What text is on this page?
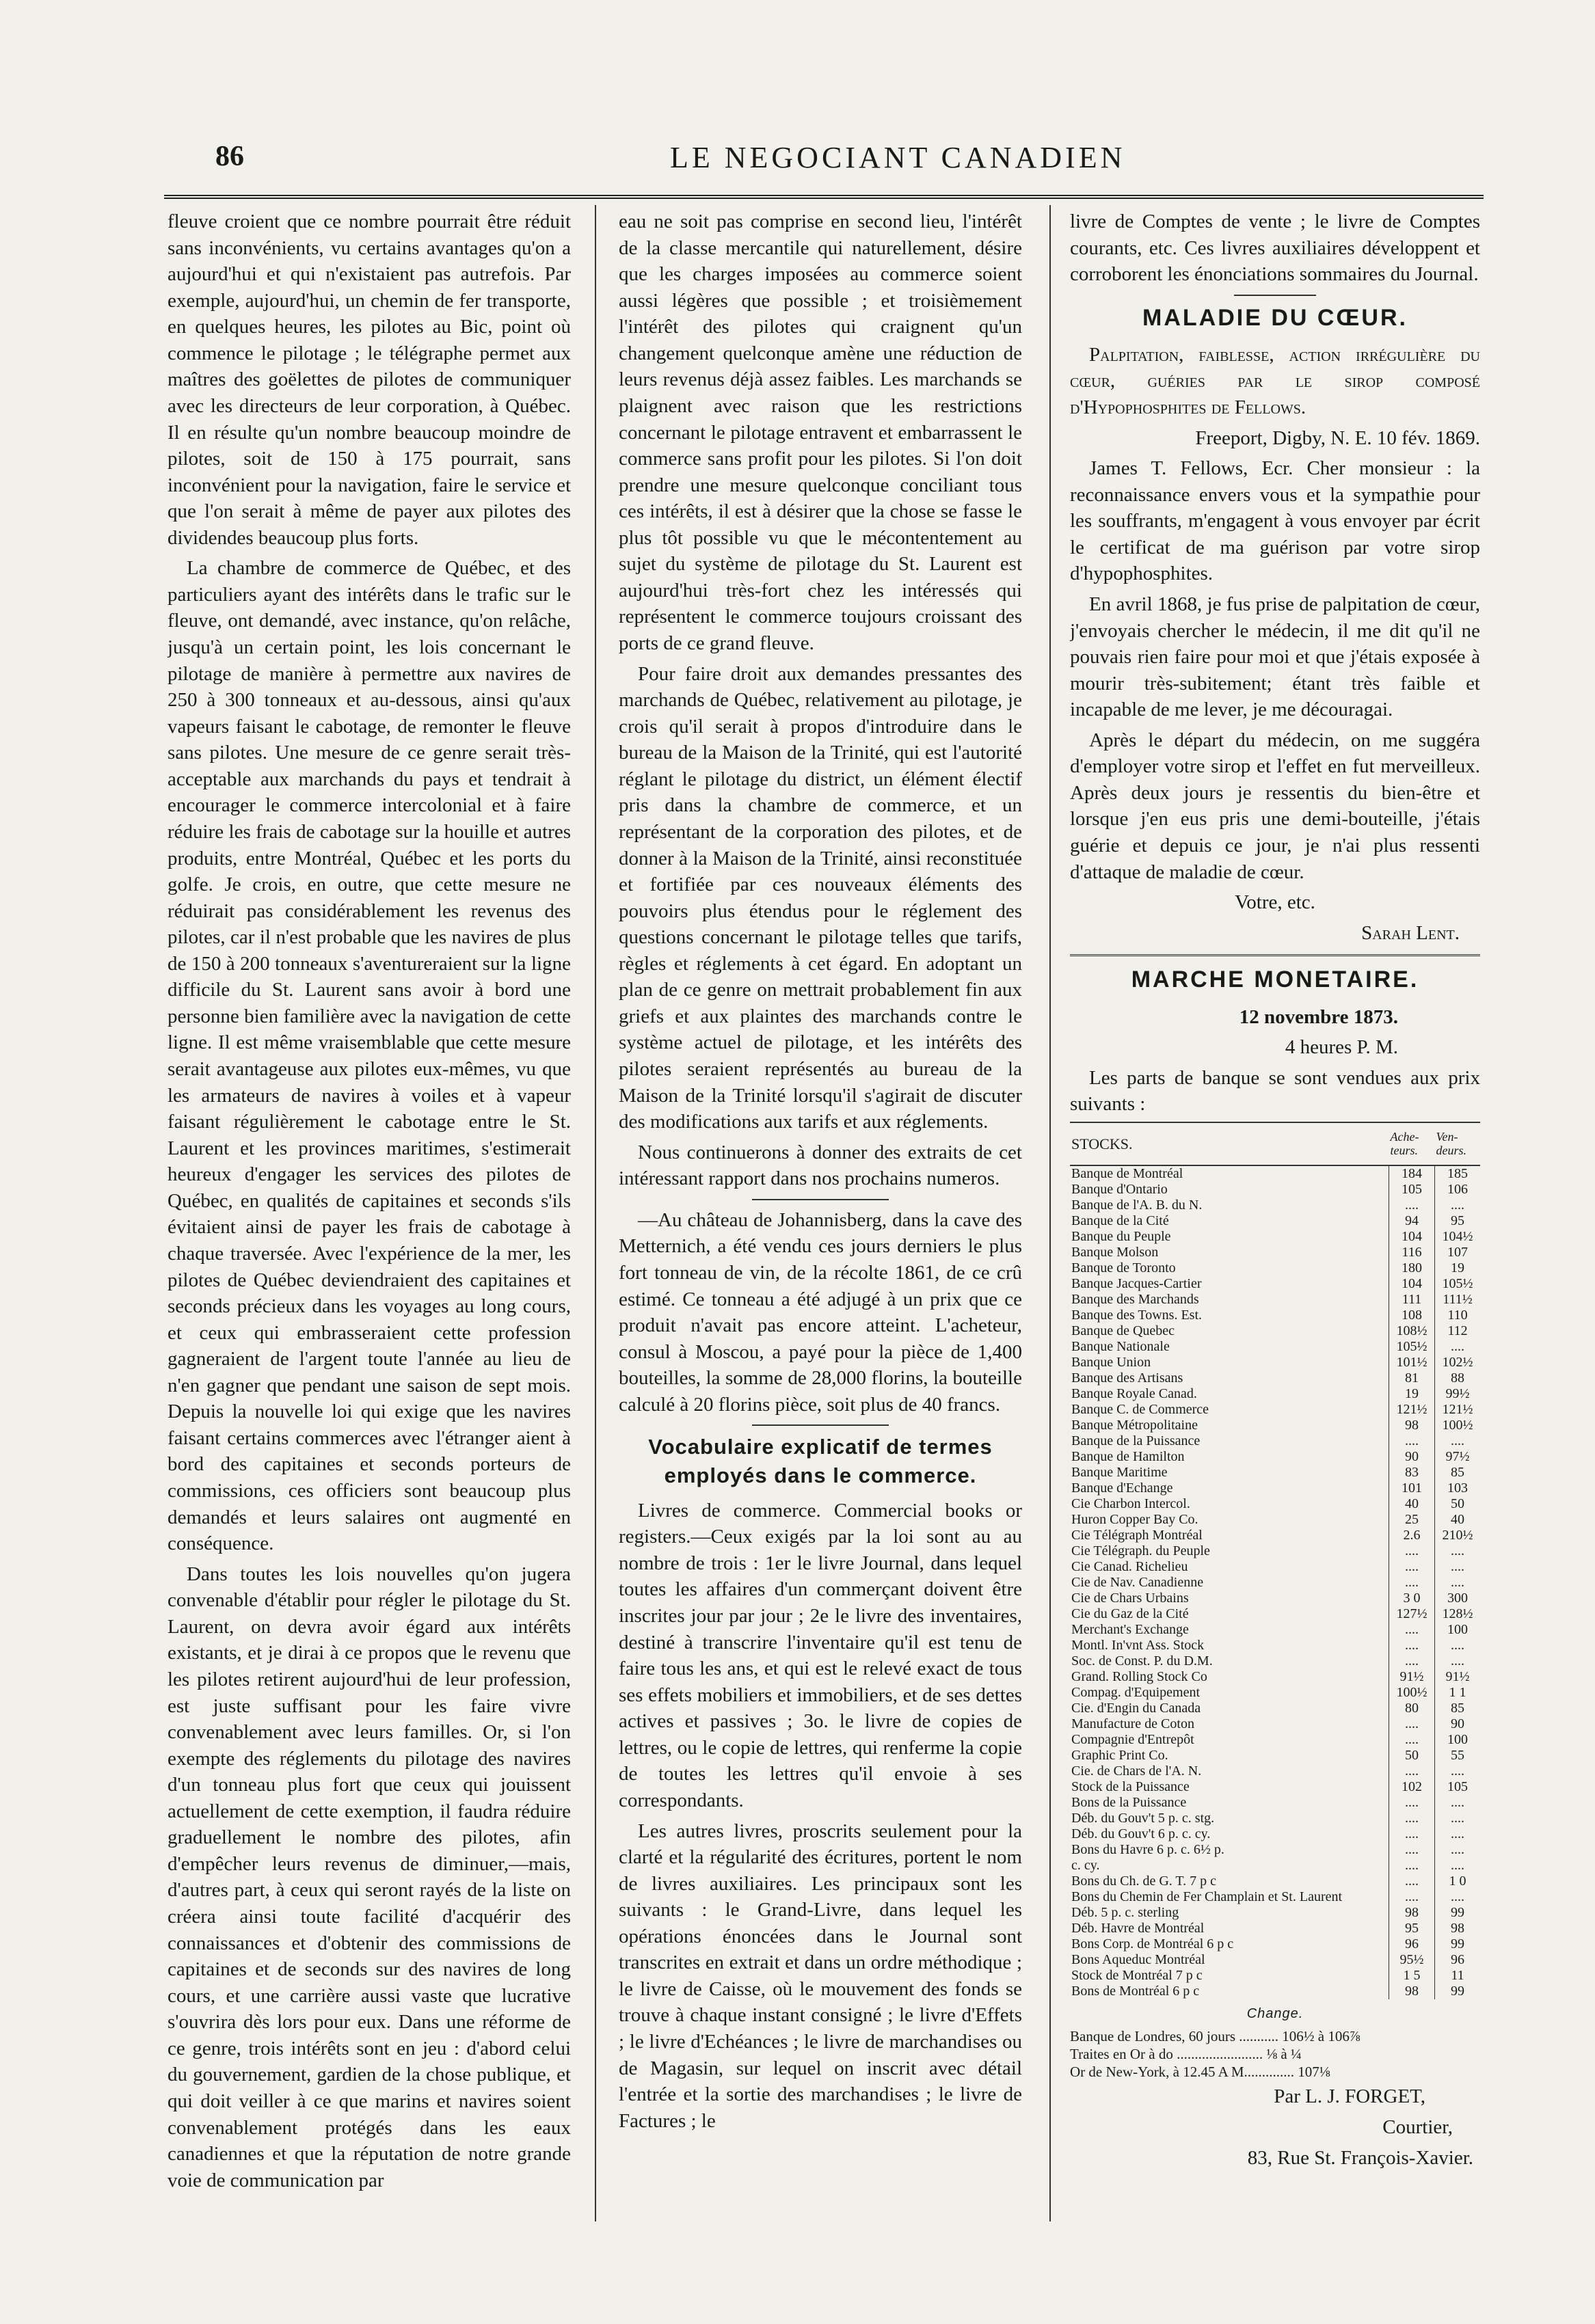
86	LE NEGOCIANT CANADIEN

fleuve croient que ce nombre pourrait être réduit sans inconvénients, vu certains avantages qu'on a aujourd'hui et qui n'existaient pas autrefois. Par exemple, aujourd'hui, un chemin de fer transporte, en quelques heures, les pilotes au Bic, point où commence le pilotage ; le télégraphe permet aux maîtres des goëlettes de pilotes de communiquer avec les directeurs de leur corporation, à Québec. Il en résulte qu'un nombre beaucoup moindre de pilotes, soit de 150 à 175 pourrait, sans inconvénient pour la navigation, faire le service et que l'on serait à même de payer aux pilotes des dividendes beaucoup plus forts.

La chambre de commerce de Québec, et des particuliers ayant des intérêts dans le trafic sur le fleuve, ont demandé, avec instance, qu'on relâche, jusqu'à un certain point, les lois concernant le pilotage de manière à permettre aux navires de 250 à 300 tonneaux et au-dessous, ainsi qu'aux vapeurs faisant le cabotage, de remonter le fleuve sans pilotes. Une mesure de ce genre serait très-acceptable aux marchands du pays et tendrait à encourager le commerce intercolonial et à faire réduire les frais de cabotage sur la houille et autres produits, entre Montréal, Québec et les ports du golfe. Je crois, en outre, que cette mesure ne réduirait pas considérablement les revenus des pilotes, car il n'est probable que les navires de plus de 150 à 200 tonneaux s'aventureraient sur la ligne difficile du St. Laurent sans avoir à bord une personne bien familière avec la navigation de cette ligne. Il est même vraisemblable que cette mesure serait avantageuse aux pilotes eux-mêmes, vu que les armateurs de navires à voiles et à vapeur faisant régulièrement le cabotage entre le St. Laurent et les provinces maritimes, s'estimerait heureux d'engager les services des pilotes de Québec, en qualités de capitaines et seconds s'ils évitaient ainsi de payer les frais de cabotage à chaque traversée. Avec l'expérience de la mer, les pilotes de Québec deviendraient des capitaines et seconds précieux dans les voyages au long cours, et ceux qui embrasseraient cette profession gagneraient de l'argent toute l'année au lieu de n'en gagner que pendant une saison de sept mois. Depuis la nouvelle loi qui exige que les navires faisant certains commerces avec l'étranger aient à bord des capitaines et seconds porteurs de commissions, ces officiers sont beaucoup plus demandés et leurs salaires ont augmenté en conséquence.

Dans toutes les lois nouvelles qu'on jugera convenable d'établir pour régler le pilotage du St. Laurent, on devra avoir égard aux intérêts existants, et je dirai à ce propos que le revenu que les pilotes retirent aujourd'hui de leur profession, est juste suffisant pour les faire vivre convenablement avec leurs familles. Or, si l'on exempte des réglements du pilotage des navires d'un tonneau plus fort que ceux qui jouissent actuellement de cette exemption, il faudra réduire graduellement le nombre des pilotes, afin d'empêcher leurs revenus de diminuer,—mais, d'autres part, à ceux qui seront rayés de la liste on créera ainsi toute facilité d'acquérir des connaissances et d'obtenir des commissions de capitaines et de seconds sur des navires de long cours, et une carrière aussi vaste que lucrative s'ouvrira dès lors pour eux. Dans une réforme de ce genre, trois intérêts sont en jeu : d'abord celui du gouvernement, gardien de la chose publique, et qui doit veiller à ce que marins et navires soient convenablement protégés dans les eaux canadiennes et que la réputation de notre grande voie de communication par

eau ne soit pas comprise en second lieu, l'intérêt de la classe mercantile qui naturellement, désire que les charges imposées au commerce soient aussi légères que possible ; et troisièmement l'intérêt des pilotes qui craignent qu'un changement quelconque amène une réduction de leurs revenus déjà assez faibles. Les marchands se plaignent avec raison que les restrictions concernant le pilotage entravent et embarrassent le commerce sans profit pour les pilotes. Si l'on doit prendre une mesure quelconque conciliant tous ces intérêts, il est à désirer que la chose se fasse le plus tôt possible vu que le mécontentement au sujet du système de pilotage du St. Laurent est aujourd'hui très-fort chez les intéressés qui représentent le commerce toujours croissant des ports de ce grand fleuve.

Pour faire droit aux demandes pressantes des marchands de Québec, relativement au pilotage, je crois qu'il serait à propos d'introduire dans le bureau de la Maison de la Trinité, qui est l'autorité réglant le pilotage du district, un élément électif pris dans la chambre de commerce, et un représentant de la corporation des pilotes, et de donner à la Maison de la Trinité, ainsi reconstituée et fortifiée par ces nouveaux éléments des pouvoirs plus étendus pour le réglement des questions concernant le pilotage telles que tarifs, règles et réglements à cet égard. En adoptant un plan de ce genre on mettrait probablement fin aux griefs et aux plaintes des marchands contre le système actuel de pilotage, et les intérêts des pilotes seraient représentés au bureau de la Maison de la Trinité lorsqu'il s'agirait de discuter des modifications aux tarifs et aux réglements.

Nous continuerons à donner des extraits de cet intéressant rapport dans nos prochains numeros.

—Au château de Johannisberg, dans la cave des Metternich, a été vendu ces jours derniers le plus fort tonneau de vin, de la récolte 1861, de ce crû estimé. Ce tonneau a été adjugé à un prix que ce produit n'avait pas encore atteint. L'acheteur, consul à Moscou, a payé pour la pièce de 1,400 bouteilles, la somme de 28,000 florins, la bouteille calculé à 20 florins pièce, soit plus de 40 francs.

Vocabulaire explicatif de termes employés dans le commerce.

Livres de commerce. Commercial books or registers.—Ceux exigés par la loi sont au au nombre de trois : 1er le livre Journal, dans lequel toutes les affaires d'un commerçant doivent être inscrites jour par jour ; 2e le livre des inventaires, destiné à transcrire l'inventaire qu'il est tenu de faire tous les ans, et qui est le relevé exact de tous ses effets mobiliers et immobiliers, et de ses dettes actives et passives ; 3o. le livre de copies de lettres, ou le copie de lettres, qui renferme la copie de toutes les lettres qu'il envoie à ses correspondants.

Les autres livres, proscrits seulement pour la clarté et la régularité des écritures, portent le nom de livres auxiliaires. Les principaux sont les suivants : le Grand-Livre, dans lequel les opérations énoncées dans le Journal sont transcrites en extrait et dans un ordre méthodique ; le livre de Caisse, où le mouvement des fonds se trouve à chaque instant consigné ; le livre d'Effets ; le livre d'Echéances ; le livre de marchandises ou de Magasin, sur lequel on inscrit avec détail l'entrée et la sortie des marchandises ; le livre de Factures ; le

livre de Comptes de vente ; le livre de Comptes courants, etc. Ces livres auxiliaires développent et corroborent les énonciations sommaires du Journal.

MALADIE DU CŒUR.

Palpitation, faiblesse, action irrégulière du cœur, guéries par le sirop composé d'Hypophosphites de Fellows.

Freeport, Digby, N. E. 10 fév. 1869.

James T. Fellows, Ecr. Cher monsieur : la reconnaissance envers vous et la sympathie pour les souffrants, m'engagent à vous envoyer par écrit le certificat de ma guérison par votre sirop d'hypophosphites.

En avril 1868, je fus prise de palpitation de cœur, j'envoyais chercher le médecin, il me dit qu'il ne pouvais rien faire pour moi et que j'étais exposée à mourir très-subitement; étant très faible et incapable de me lever, je me découragai.

Après le départ du médecin, on me suggéra d'employer votre sirop et l'effet en fut merveilleux. Après deux jours je ressentis du bien-être et lorsque j'en eus pris une demi-bouteille, j'étais guérie et depuis ce jour, je n'ai plus ressenti d'attaque de maladie de cœur.

Votre, etc.

Sarah Lent.

MARCHE MONETAIRE.

12 novembre 1873.

4 heures P. M.

Les parts de banque se sont vendues aux prix suivants :

STOCKS.	Ache-teurs.	Ven-deurs.
Banque de Montréal	184	185
Banque d'Ontario	105	106
Banque de l'A. B. du N.	....	....
Banque de la Cité	94	95
Banque du Peuple	104	104½
Banque Molson	116	107
Banque de Toronto	180	19
Banque Jacques-Cartier	104	105½
Banque des Marchands	111	111½
Banque des Towns. Est.	108	110
Banque de Quebec	108½	112
Banque Nationale	105½	....
Banque Union	101½	102½
Banque des Artisans	81	88
Banque Royale Canad.	19	99½
Banque C. de Commerce	121½	121½
Banque Métropolitaine	98	100½
Banque de la Puissance	....	....
Banque de Hamilton	90	97½
Banque Maritime	83	85
Banque d'Echange	101	103
Cie Charbon Intercol.	40	50
Huron Copper Bay Co.	25	40
Cie Télégraph Montréal	2.6	210½
Cie Télégraph. du Peuple	....	....
Cie Canad. Richelieu	....	....
Cie de Nav. Canadienne	....	....
Cie de Chars Urbains	3 0	300
Cie du Gaz de la Cité	127½	128½
Merchant's Exchange	....	100
Montl. In'vnt Ass. Stock	....	....
Soc. de Const. P. du D.M.	....	....
Grand. Rolling Stock Co	91½	91½
Compag. d'Equipement	100½	1 1
Cie. d'Engin du Canada	80	85
Manufacture de Coton	....	90
Compagnie d'Entrepôt	....	100
Graphic Print Co.	50	55
Cie. de Chars de l'A. N.	....	....
Stock de la Puissance	102	105
Bons de la Puissance	....	....
Déb. du Gouv't 5 p. c. stg.	....	....
Déb. du Gouv't 6 p. c. cy.	....	....
Bons du Havre 6 p. c. 6½ p.	....	....
c. cy.	....	....
Bons du Ch. de G. T. 7 p c	....	1 0
Bons du Chemin de Fer Champlain et St. Laurent	....	....
Déb. 5 p. c. sterling	98	99
Déb. Havre de Montréal	95	98
Bons Corp. de Montréal 6 p c	96	99
Bons Aqueduc Montréal	95½	96
Stock de Montréal 7 p c	1 5	11
Bons de Montréal 6 p c	98	99
Change.
Banque de Londres, 60 jours ........... 106½ à 106⅞
Traites en Or à do ........................ ⅛ à ¼
Or de New-York, à 12.45 A M.............. 107⅛

Par L. J. FORGET,

Courtier,

83, Rue St. François-Xavier.
